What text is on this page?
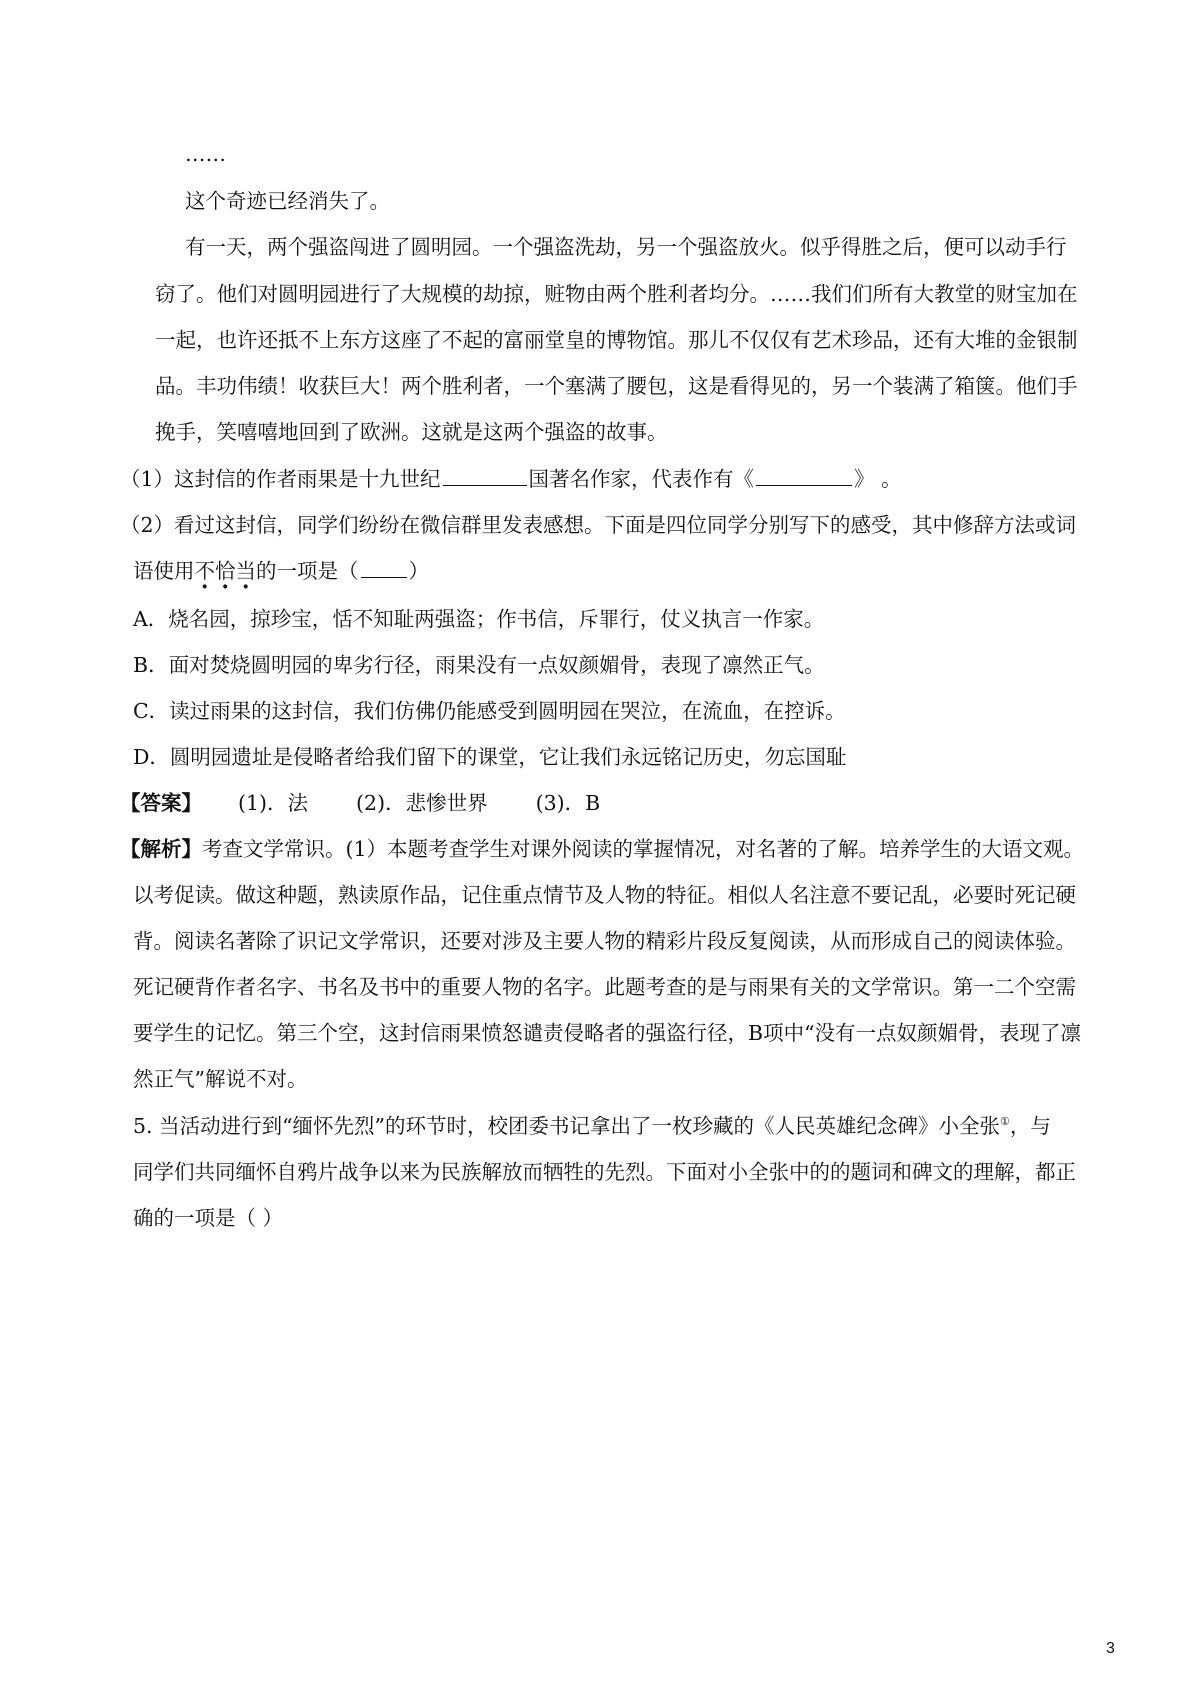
……
这个奇迹已经消失了。
有一天，两个强盗闯进了圆明园。一个强盗洗劫，另一个强盗放火。似乎得胜之后，便可以动手行
窃了。他们对圆明园进行了大规模的劫掠，赃物由两个胜利者均分。……我们们所有大教堂的财宝加在
一起，也许还抵不上东方这座了不起的富丽堂皇的博物馆。那儿不仅仅有艺术珍品，还有大堆的金银制
品。丰功伟绩！收获巨大！两个胜利者，一个塞满了腰包，这是看得见的，另一个装满了箱箧。他们手
挽手，笑嘻嘻地回到了欧洲。这就是这两个强盗的故事。
（1）这封信的作者雨果是十九世纪	国著名作家，代表作有《	》 。
（2）看过这封信，同学们纷纷在微信群里发表感想。下面是四位同学分别写下的感受，其中修辞方法或词
语使用不恰当的一项是（ ）
A．烧名园，掠珍宝，恬不知耻两强盗；作书信，斥罪行，仗义执言一作家。
B．面对焚烧圆明园的卑劣行径，雨果没有一点奴颜媚骨，表现了凛然正气。
C．读过雨果的这封信，我们仿佛仍能感受到圆明园在哭泣，在流血，在控诉。
D．圆明园遗址是侵略者给我们留下的课堂，它让我们永远铭记历史，勿忘国耻
【答案】 (1)．法 (2)．悲惨世界 (3)．B
【解析】考查文学常识。(1）本题考查学生对课外阅读的掌握情况，对名著的了解。培养学生的大语文观。
以考促读。做这种题，熟读原作品，记住重点情节及人物的特征。相似人名注意不要记乱，必要时死记硬
背。阅读名著除了识记文学常识，还要对涉及主要人物的精彩片段反复阅读，从而形成自己的阅读体验。
死记硬背作者名字、书名及书中的重要人物的名字。此题考查的是与雨果有关的文学常识。第一二个空需
要学生的记忆。第三个空，这封信雨果愤怒谴责侵略者的强盗行径，B项中“没有一点奴颜媚骨，表现了凛
然正气”解说不对。
5. 当活动进行到“缅怀先烈”的环节时，校团委书记拿出了一枚珍藏的《人民英雄纪念碑》小全张①，与
同学们共同缅怀自鸦片战争以来为民族解放而牺牲的先烈。下面对小全张中的的题词和碑文的理解，都正
确的一项是（ ）
3
